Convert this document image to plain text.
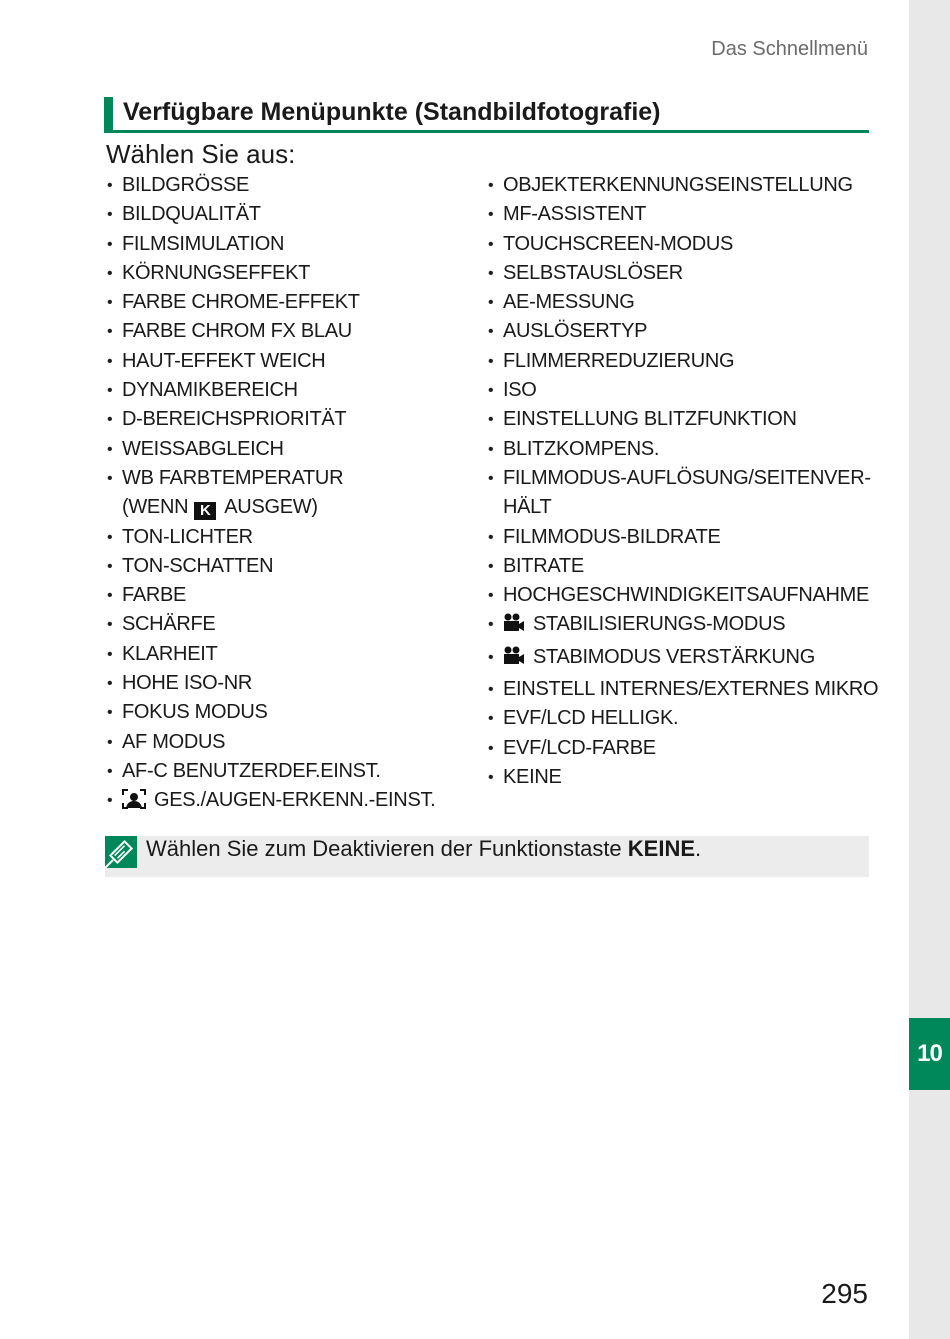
10
Das Schnellmenü
Verfügbare Menüpunkte (Standbildfotografie)
Wählen Sie aus:
• BILDGRÖSSE
• BILDQUALITÄT
• FILMSIMULATION
• KÖRNUNGSEFFEKT
• FARBE CHROME-EFFEKT
• FARBE CHROM FX BLAU
• HAUT-EFFEKT WEICH
• DYNAMIKBEREICH
• D-BEREICHSPRIORITÄT
• WEISSABGLEICH
• WB FARBTEMPERATUR
(WENN K AUSGEW)
• TON-LICHTER
• TON-SCHATTEN
• FARBE
• SCHÄRFE
• KLARHEIT
• HOHE ISO-NR
• FOKUS MODUS
• AF MODUS
• AF-C BENUTZERDEF.EINST.
• GES./AUGEN-ERKENN.-EINST.
• OBJEKTERKENNUNGSEINSTELLUNG
• MF-ASSISTENT
• TOUCHSCREEN-MODUS
• SELBSTAUSLÖSER
• AE-MESSUNG
• AUSLÖSERTYP
• FLIMMERREDUZIERUNG
• ISO
• EINSTELLUNG BLITZFUNKTION
• BLITZKOMPENS.
• FILMMODUS-AUFLÖSUNG/SEITENVER-
HÄLT
• FILMMODUS-BILDRATE
• BITRATE
• HOCHGESCHWINDIGKEITSAUFNAHME
• STABILISIERUNGS-MODUS
• STABIMODUS VERSTÄRKUNG
• EINSTELL INTERNES/EXTERNES MIKRO
• EVF/LCD HELLIGK.
• EVF/LCD-FARBE
• KEINE
Wählen Sie zum Deaktivieren der Funktionstaste KEINE.
295
